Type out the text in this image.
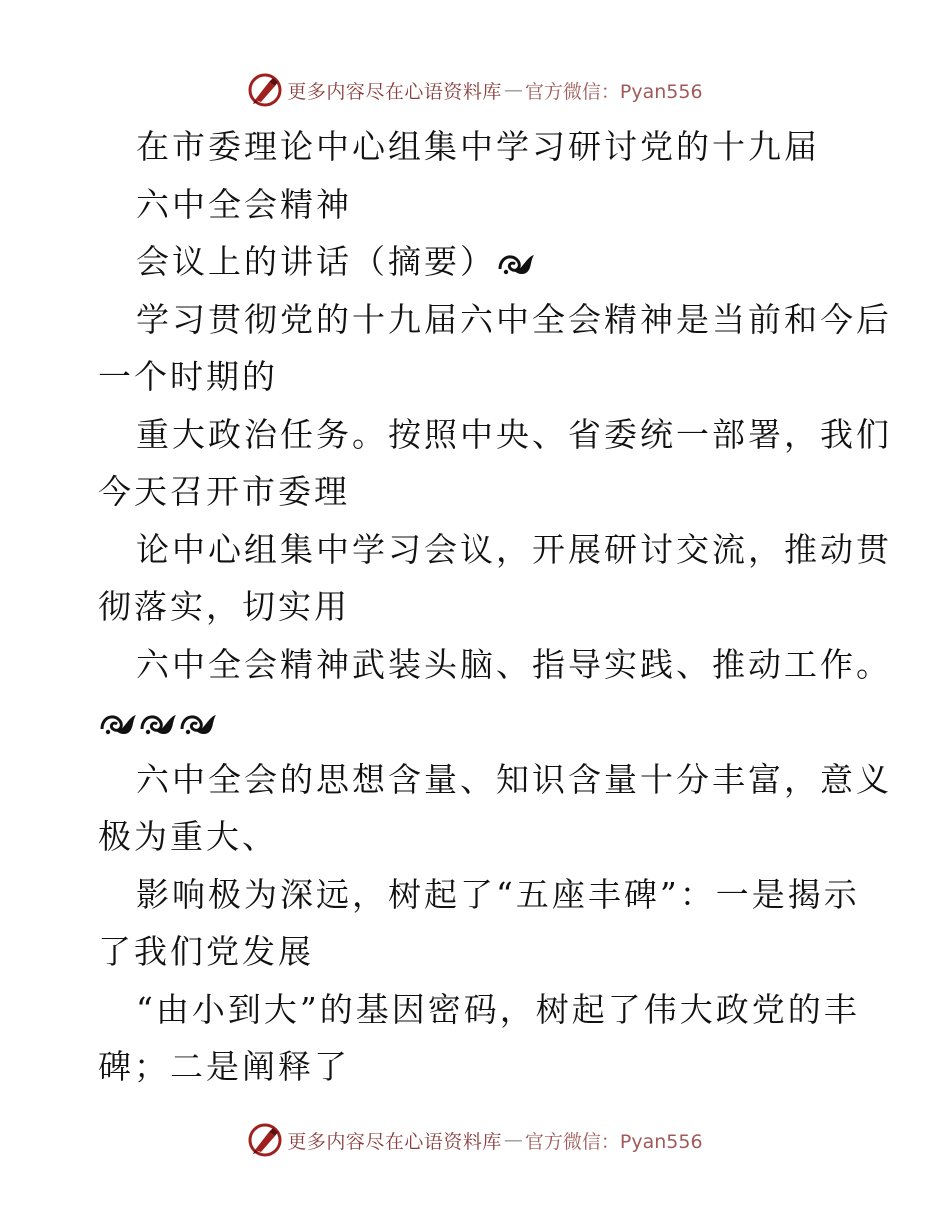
更多内容尽在心语资料库 — 官方微信：Pyan556
在市委理论中心组集中学习研讨党的十九届
六中全会精神
会议上的讲话（摘要）
学习贯彻党的十九届六中全会精神是当前和今后
一个时期的
重大政治任务。按照中央、省委统一部署，我们
今天召开市委理
论中心组集中学习会议，开展研讨交流，推动贯
彻落实，切实用
六中全会精神武装头脑、指导实践、推动工作。
六中全会的思想含量、知识含量十分丰富，意义
极为重大、
影响极为深远，树起了“五座丰碑”：一是揭示
了我们党发展
“由小到大”的基因密码，树起了伟大政党的丰
碑；二是阐释了
更多内容尽在心语资料库 — 官方微信：Pyan556
